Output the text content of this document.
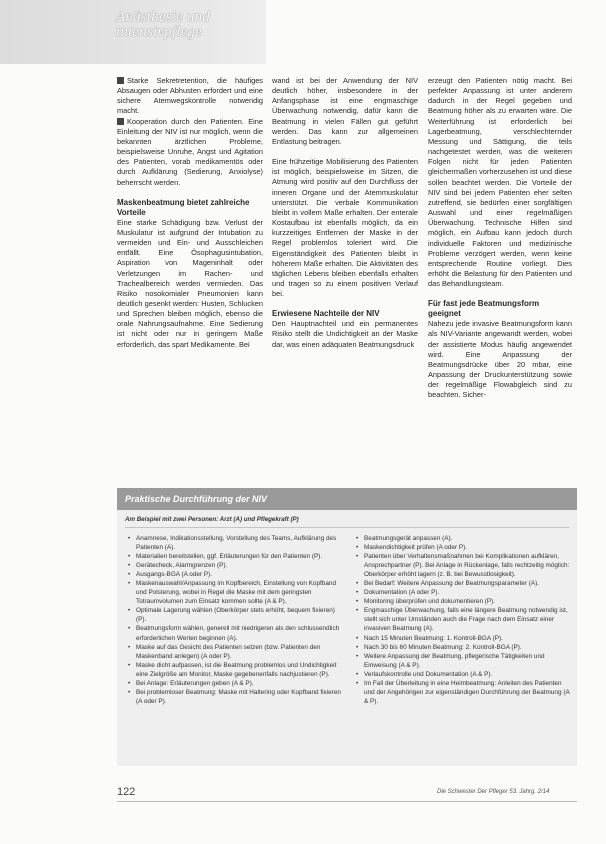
Anästhesie und
intensivpflege

Starke Sekretretention, die häufiges Absaugen oder Abhusten erfordert und eine sichere Atemwegskontrolle notwendig macht.

Kooperation durch den Patienten. Eine Einleitung der NIV ist nur möglich, wenn die bekannten ärztlichen Probleme, beispielsweise Unruhe, Angst und Agitation des Patienten, vorab medikamentös oder durch Aufklärung (Sedierung, Anxiolyse) beherrscht werden.

Maskenbeatmung bietet zahlreiche Vorteile

Eine starke Schädigung bzw. Verlust der Muskulatur ist aufgrund der Intubation zu vermeiden und Ein- und Ausschleichen entfällt. Eine Ösophagusintubation, Aspiration von Mageninhalt oder Verletzungen im Rachen- und Trachealbereich werden vermieden. Das Risiko nosokomialer Pneumonien kann deutlich gesenkt werden: Husten, Schlucken und Sprechen bleiben möglich, ebenso die orale Nahrungsaufnahme. Eine Sedierung ist nicht oder nur in geringem Maße erforderlich, das spart Medikamente. Bei

wand ist bei der Anwendung der NIV deutlich höher, insbesondere in der Anfangsphase ist eine engmaschige Überwachung notwendig, dafür kann die Beatmung in vielen Fällen gut geführt werden. Das kann zur allgemeinen Entlastung beitragen.

Eine frühzeitige Mobilisierung des Patienten ist möglich, beispielsweise im Sitzen, die Atmung wird positiv auf den Durchfluss der inneren Organe und der Atemmuskulatur unterstützt. Die verbale Kommunikation bleibt in vollem Maße erhalten. Der enterale Kostaufbau ist ebenfalls möglich, da ein kurzzeitiges Entfernen der Maske in der Regel problemlos toleriert wird. Die Eigenständigkeit des Patienten bleibt in höherem Maße erhalten. Die Aktivitäten des täglichen Lebens bleiben ebenfalls erhalten und tragen so zu einem positiven Verlauf bei.

Erwiesene Nachteile der NIV

Den Hauptnachteil und ein permanentes Risiko stellt die Undichtigkeit an der Maske dar, was einen adäquaten Beatmungsdruck

erzeugt den Patienten nötig macht. Bei perfekter Anpassung ist unter anderem dadurch in der Regel gegeben und Beatmung höher als zu erwarten wäre. Die Weiterführung ist erforderlich bei Lagerbeatmung, verschlechternder Messung und Sättigung, die teils nachgetestet werden, was die weiteren Folgen nicht für jeden Patienten gleichermaßen vorherzusehen ist und diese sollen beachtet werden. Die Vorteile der NIV sind bei jedem Patienten eher selten zutreffend, sie bedürfen einer sorgfältigen Auswahl und einer regelmäßigen Überwachung. Technische Hilfen sind möglich, ein Aufbau kann jedoch durch individuelle Faktoren und medizinische Probleme verzögert werden, wenn keine entsprechende Routine vorliegt. Dies erhöht die Belastung für den Patienten und das Behandlungsteam.

Für fast jede Beatmungsform geeignet

Nahezu jede invasive Beatmungsform kann als NIV-Variante angewandt werden, wobei der assistierte Modus häufig angewendet wird. Eine Anpassung der Beatmungsdrücke über 20 mbar, eine Anpassung der Druckunterstützung sowie der regelmäßige Flowabgleich sind zu beachten. Sicher-

Praktische Durchführung der NIV
Am Beispiel mit zwei Personen: Arzt (A) und Pflegekraft (P)
• Anamnese, Indikationsstellung, Vorstellung des Teams, Aufklärung des Patienten (A).
• Materialien bereitstellen, ggf. Erläuterungen für den Patienten (P).
• Gerätecheck, Alarmgrenzen (P).
• Ausgangs-BGA (A oder P).
• Maskenauswahl/Anpassung im Kopfbereich, Einstellung von Kopfband und Polsterung, wobei in Regel die Maske mit dem geringsten Totraumvolumen zum Einsatz kommen sollte (A & P).
• Optimale Lagerung wählen (Oberkörper stets erhöht, bequem fixieren) (P).
• Beatmungsform wählen, generell mit niedrigeren als den schlussendlich erforderlichen Werten beginnen (A).
• Maske auf das Gesicht des Patienten setzen (bzw. Patienten den Maskenband anlegen) (A oder P).
• Maske dicht aufpassen, ist die Beatmung problemlos und Undichtigkeit eine Zielgröße am Monitor, Maske gegebenenfalls nachjustieren (P).
• Bei Anlage: Erläuterungen geben (A & P).
• Bei problemloser Beatmung: Maske mit Haltering oder Kopfband fixieren (A oder P).
• Beatmungsgerät anpassen (A).
• Maskendichtigkeit prüfen (A oder P).
• Patienten über Verhaltensmaßnahmen bei Komplikationen aufklären, Ansprechpartner (P). Bei Anlage in Rückenlage, falls rechtzeitig möglich: Oberkörper erhöht lagern (z. B. bei Bewusstlosigkeit).
• Bei Bedarf: Weitere Anpassung der Beatmungsparameter (A).
• Dokumentation (A oder P).
• Monitoring überprüfen und dokumentieren (P).
• Engmaschige Überwachung, falls eine längere Beatmung notwendig ist, stellt sich unter Umständen auch die Frage nach dem Einsatz einer invasiven Beatmung (A).
• Nach 15 Minuten Beatmung: 1. Kontroll-BGA (P).
• Nach 30 bis 60 Minuten Beatmung: 2. Kontroll-BGA (P).
• Weitere Anpassung der Beatmung, pflegerische Tätigkeiten und Einweisung (A & P).
• Verlaufskontrolle und Dokumentation (A & P).
• Im Fall der Überleitung in eine Heimbeatmung: Anleiten des Patienten und der Angehörigen zur eigenständigen Durchführung der Beatmung (A & P).
122	Die Schwester Der Pfleger 53. Jahrg. 2/14
